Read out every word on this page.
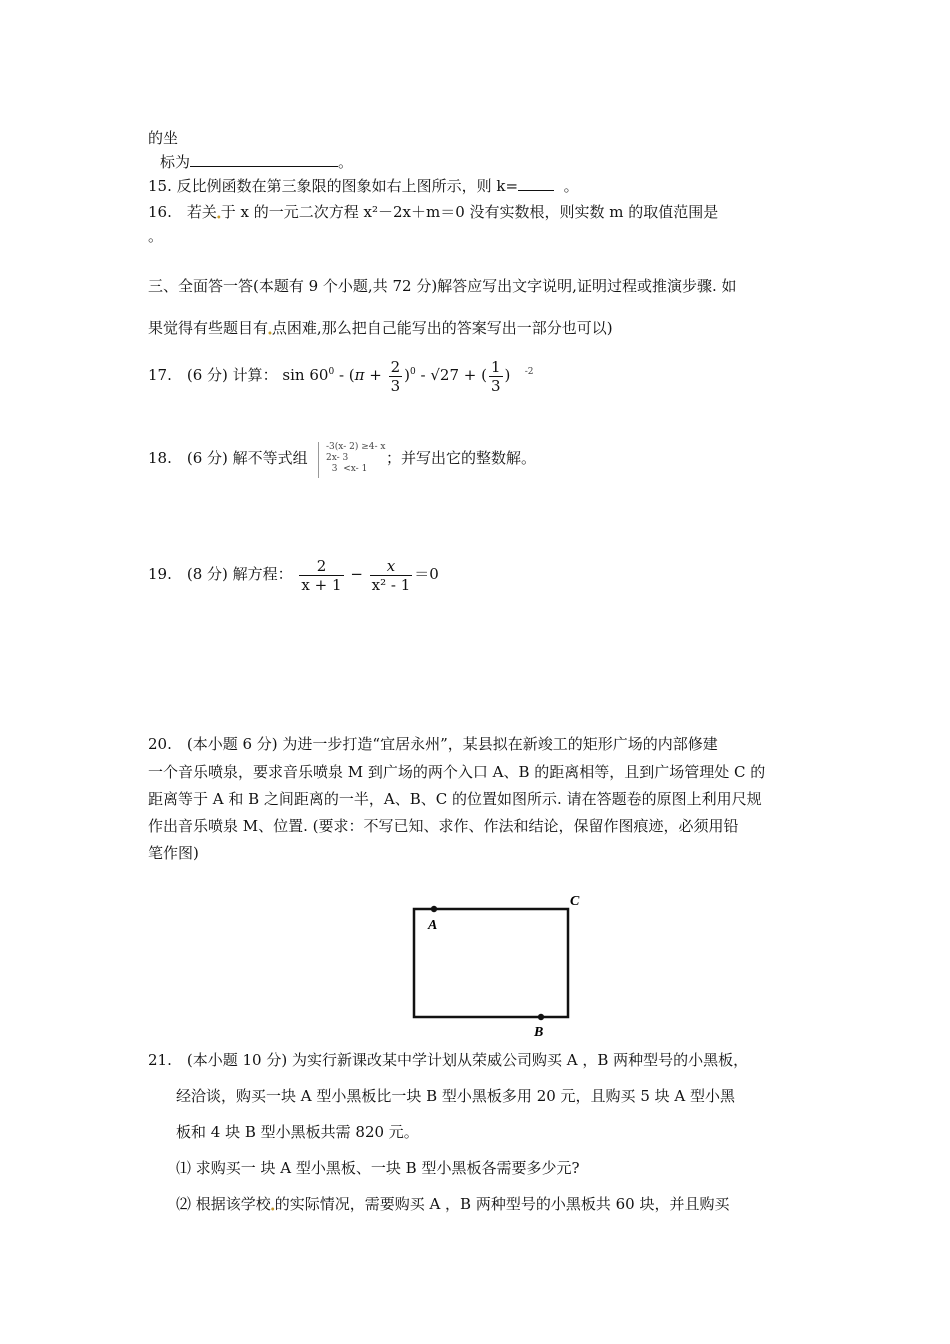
的坐
标为	。
15. 反比例函数在第三象限的图象如右上图所示，则 k=	。
16.　若关$_•$于 x 的一元二次方程 x²－2x＋m＝0 没有实数根，则实数 m 的取值范围是
。
三、全面答一答(本题有 9 个小题,共 72 分)解答应写出文字说明,证明过程或推演步骤. 如
果觉得有些题目有$_•$点困难,那么把自己能写出的答案写出一部分也可以)
17.　(6 分) 计算： $\sin 60^0 - (\pi + \frac{2}{3} )^0 - √27$ + ( $\frac{1}{3}$ ) $^{-2}$
18.　(6 分) 解不等式组
-3(x- 2) ≥4- x
2x- 3
3 <x- 1
；并写出它的整数解。
19.　(8 分) 解方程： $\frac{2}{x + 1} - \frac{x}{\text{x² - 1}} =0$
20.　(本小题 6 分) 为进一步打造“宜居永州”，某县拟在新竣工的矩形广场的内部修建
一个音乐喷泉，要求音乐喷泉 M 到广场的两个入口 A、B 的距离相等，且到广场管理处 C 的
距离等于 A 和 B 之间距离的一半，A、B、C 的位置如图所示. 请在答题卷的原图上利用尺规
作出音乐喷泉 M、位置. (要求：不写已知、求作、作法和结论，保留作图痕迹，必须用铅
笔作图)
A
B
C
21.　(本小题 10 分) 为实行新课改某中学计划从荣威公司购买 A ，B 两种型号的小黑板，
经洽谈，购买一块 A 型小黑板比一块 B 型小黑板多用 20 元，且购买 5 块 A 型小黑
板和 4 块 B 型小黑板共需 820 元。
⑴ 求购买一 块 A 型小黑板、一块 B 型小黑板各需要多少元?
⑵ 根据该学校$_•$的实际情况，需要购买 A ，B 两种型号的小黑板共 60 块，并且购买
